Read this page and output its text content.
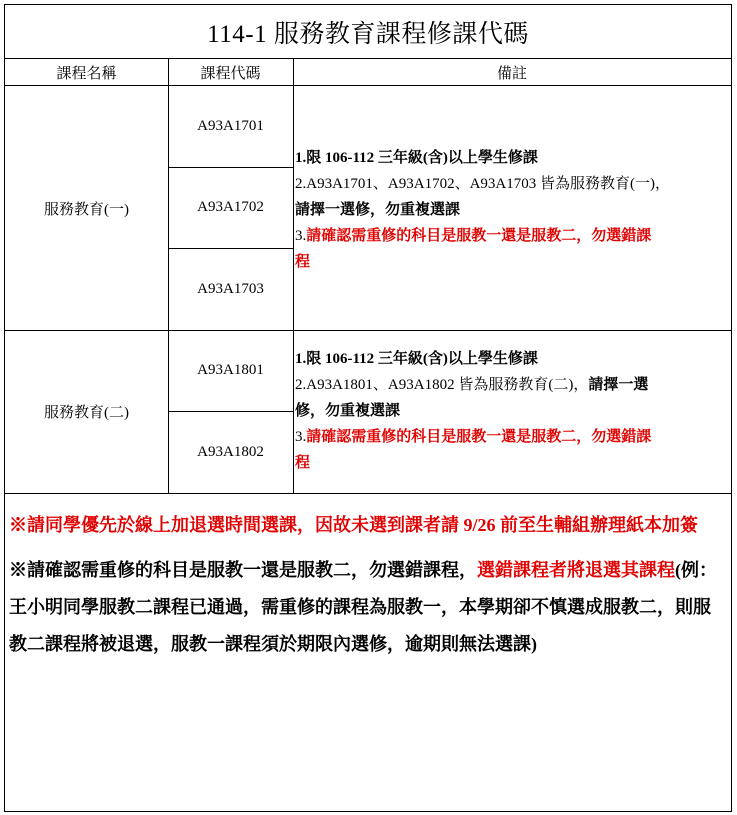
114-1 服務教育課程修課代碼
課程名稱	課程代碼	備註
服務教育(一)
A93A1701
A93A1702
A93A1703

1.限 106-112 三年級(含)以上學生修課

2.A93A1701、A93A1702、A93A1703 皆為服務教育(一)，
請擇一選修，勿重複選課

3.請確認需重修的科目是服教一還是服教二，勿選錯課
程

服務教育(二)
A93A1801
A93A1802

1.限 106-112 三年級(含)以上學生修課

2.A93A1801、A93A1802 皆為服務教育(二)，請擇一選
修，勿重複選課

3.請確認需重修的科目是服教一還是服教二，勿選錯課
程

※請同學優先於線上加退選時間選課，因故未選到課者請 9/26 前至生輔組辦理紙本加簽

※請確認需重修的科目是服教一還是服教二，勿選錯課程，選錯課程者將退選其課程(例：王小明同學服教二課程已通過，需重修的課程為服教一，本學期卻不慎選成服教二，則服教二課程將被退選，服教一課程須於期限內選修，逾期則無法選課)
